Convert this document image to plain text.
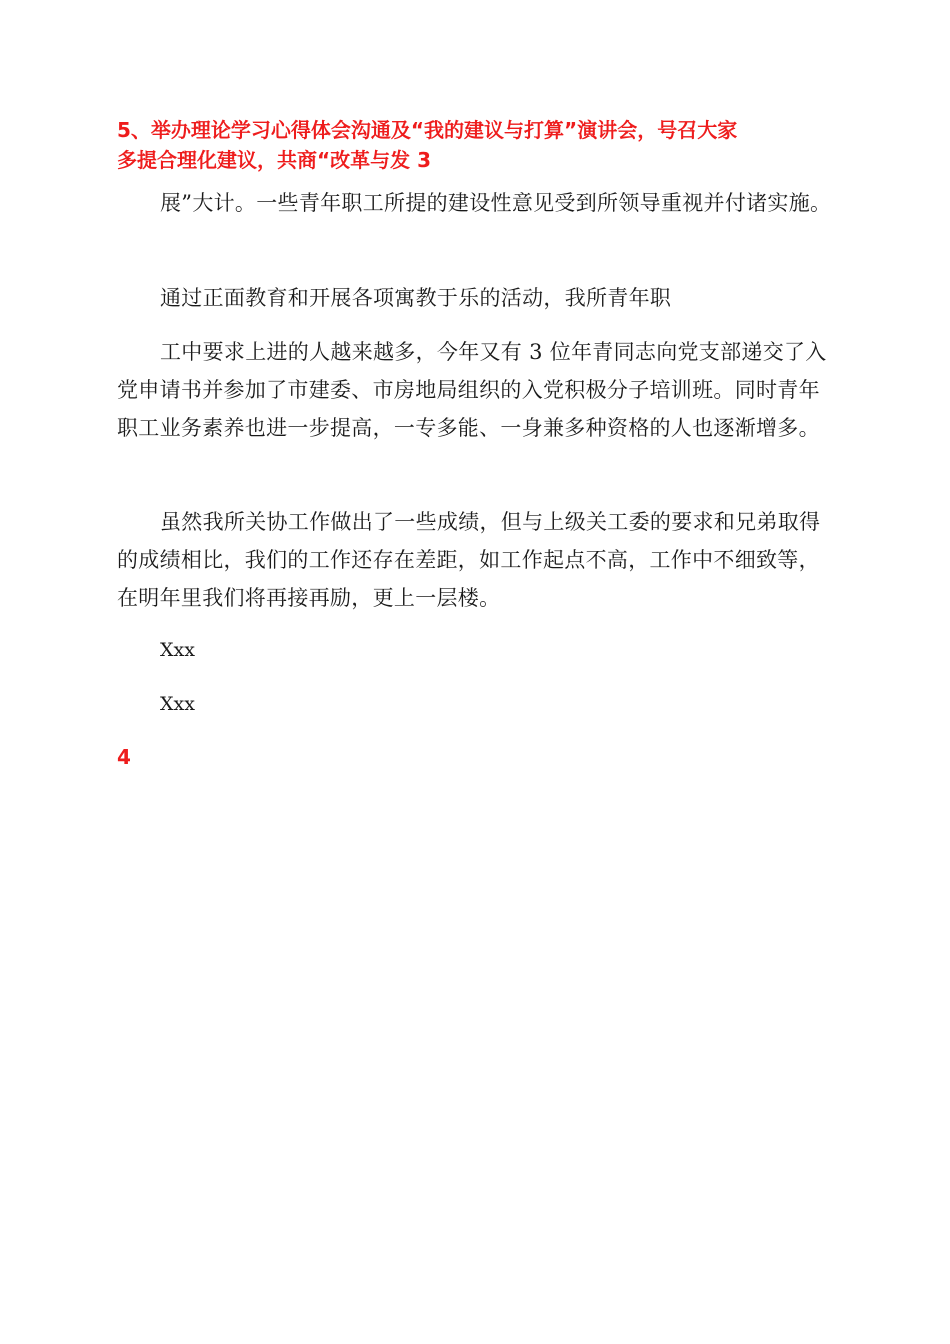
5、举办理论学习心得体会沟通及“我的建议与打算”演讲会，号召大家

多提合理化建议，共商“改革与发 3

展”大计。一些青年职工所提的建设性意见受到所领导重视并付诸实施。

通过正面教育和开展各项寓教于乐的活动，我所青年职

工中要求上进的人越来越多，今年又有 3 位年青同志向党支部递交了入党申请书并参加了市建委、市房地局组织的入党积极分子培训班。同时青年职工业务素养也进一步提高，一专多能、一身兼多种资格的人也逐渐增多。

虽然我所关协工作做出了一些成绩，但与上级关工委的要求和兄弟取得的成绩相比，我们的工作还存在差距，如工作起点不高，工作中不细致等，在明年里我们将再接再励，更上一层楼。

Xxx

Xxx

4
